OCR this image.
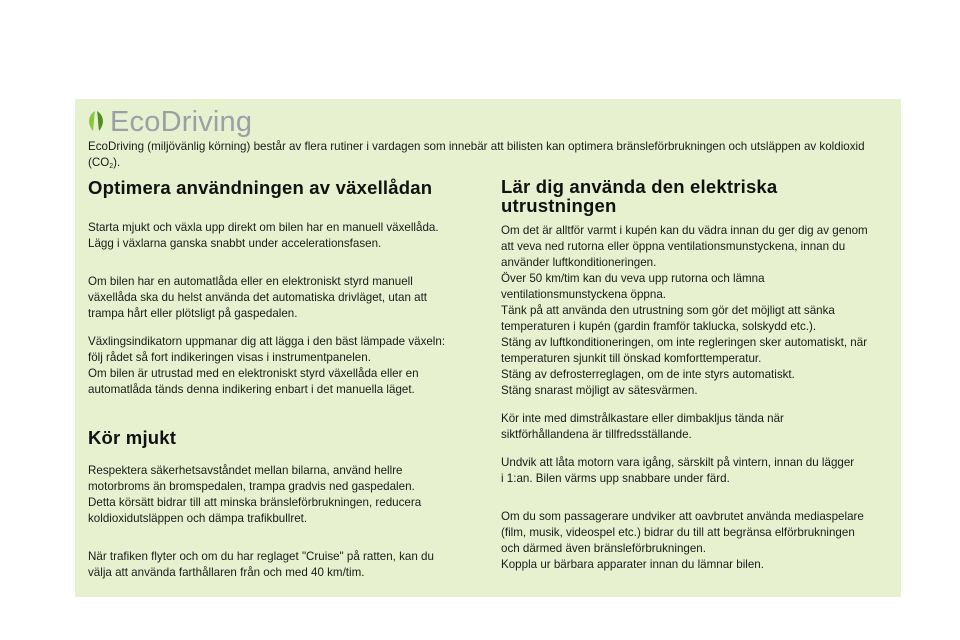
EcoDriving
EcoDriving (miljövänlig körning) består av flera rutiner i vardagen som innebär att bilisten kan optimera bränsleförbrukningen och utsläppen av koldioxid $(CO_2)$.
Optimera användningen av växellådan

Starta mjukt och växla upp direkt om bilen har en manuell växellåda.
Lägg i växlarna ganska snabbt under accelerationsfasen.

Om bilen har en automatlåda eller en elektroniskt styrd manuell
växellåda ska du helst använda det automatiska drivläget, utan att
trampa hårt eller plötsligt på gaspedalen.

Växlingsindikatorn uppmanar dig att lägga i den bäst lämpade växeln:
följ rådet så fort indikeringen visas i instrumentpanelen.
Om bilen är utrustad med en elektroniskt styrd växellåda eller en
automatlåda tänds denna indikering enbart i det manuella läget.

Kör mjukt

Respektera säkerhetsavståndet mellan bilarna, använd hellre
motorbroms än bromspedalen, trampa gradvis ned gaspedalen.
Detta körsätt bidrar till att minska bränsleförbrukningen, reducera
koldioxidutsläppen och dämpa trafikbullret.

När trafiken flyter och om du har reglaget "Cruise" på ratten, kan du
välja att använda farthållaren från och med 40 km/tim.

Lär dig använda den elektriska
utrustningen

Om det är alltför varmt i kupén kan du vädra innan du ger dig av genom
att veva ned rutorna eller öppna ventilationsmunstyckena, innan du
använder luftkonditioneringen.
Över 50 km/tim kan du veva upp rutorna och lämna
ventilationsmunstyckena öppna.
Tänk på att använda den utrustning som gör det möjligt att sänka
temperaturen i kupén (gardin framför taklucka, solskydd etc.).
Stäng av luftkonditioneringen, om inte regleringen sker automatiskt, när
temperaturen sjunkit till önskad komforttemperatur.
Stäng av defrosterreglagen, om de inte styrs automatiskt.
Stäng snarast möjligt av sätesvärmen.

Kör inte med dimstrålkastare eller dimbakljus tända när
siktförhållandena är tillfredsställande.

Undvik att låta motorn vara igång, särskilt på vintern, innan du lägger
i 1:an. Bilen värms upp snabbare under färd.

Om du som passagerare undviker att oavbrutet använda mediaspelare
(film, musik, videospel etc.) bidrar du till att begränsa elförbrukningen
och därmed även bränsleförbrukningen.
Koppla ur bärbara apparater innan du lämnar bilen.
